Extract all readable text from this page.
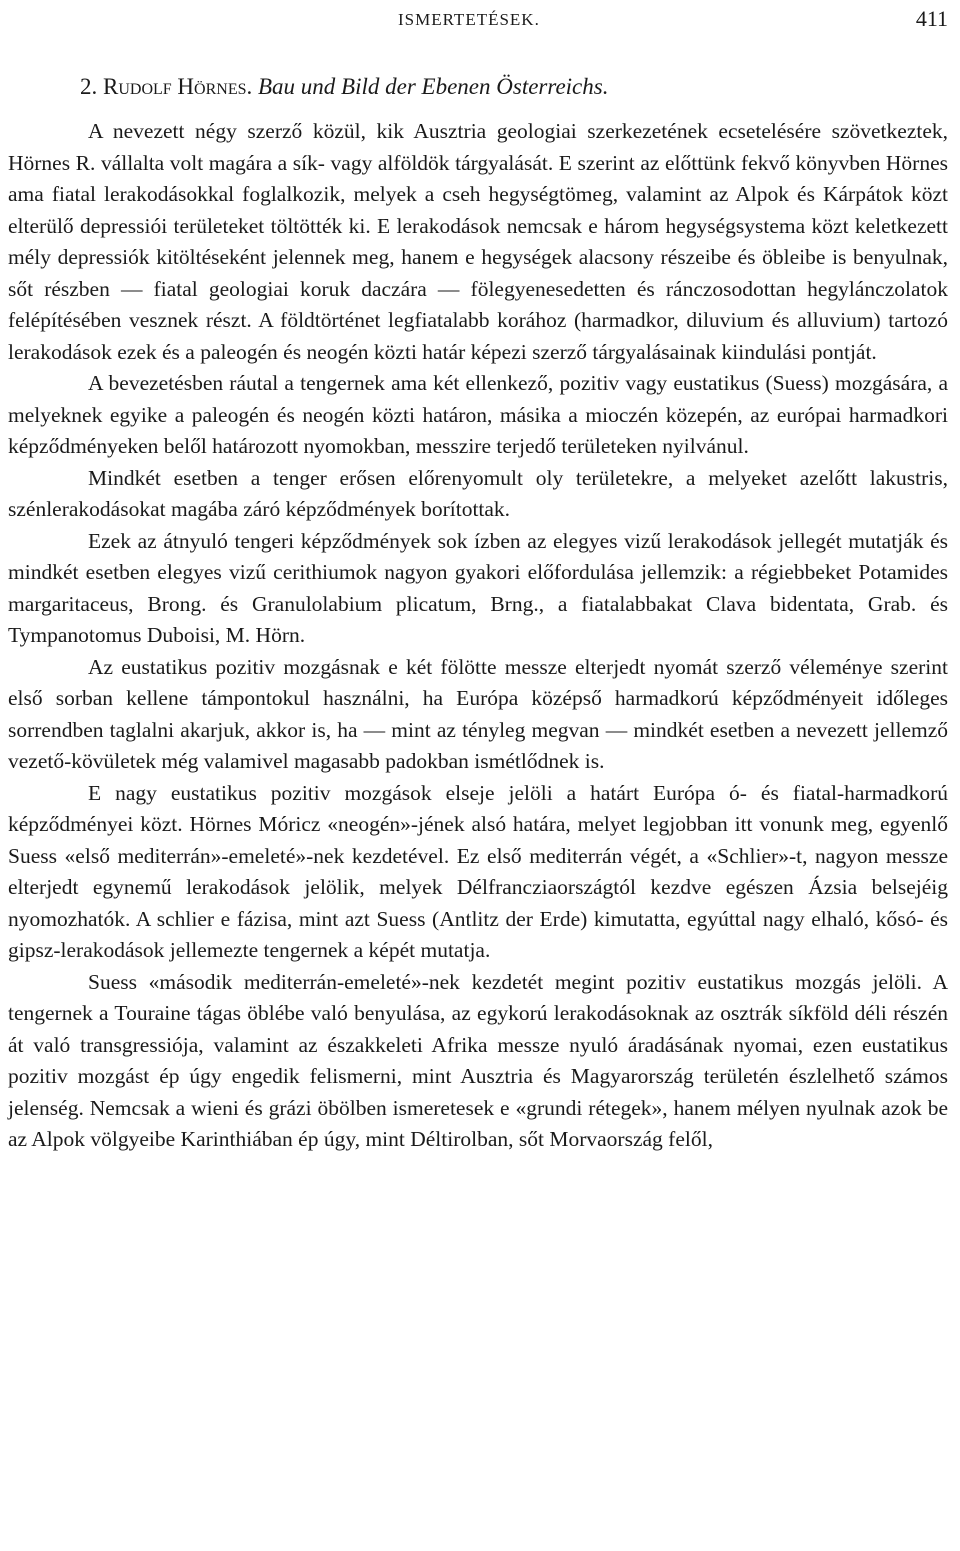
ISMERTETÉSEK.	411
2. Rudolf Hörnes. Bau und Bild der Ebenen Österreichs.

A nevezett négy szerző közül, kik Ausztria geologiai szerkezetének ecsetelésére szövetkeztek, Hörnes R. vállalta volt magára a sík- vagy alföldök tárgyalását. E szerint az előttünk fekvő könyvben Hörnes ama fiatal lerakodásokkal foglalkozik, melyek a cseh hegységtömeg, valamint az Alpok és Kárpátok közt elterülő depressiói területeket töltötték ki. E lerakodások nemcsak e három hegységsystema közt keletkezett mély depressiók kitöltéseként jelennek meg, hanem e hegységek alacsony részeibe és öbleibe is benyulnak, sőt részben — fiatal geologiai koruk daczára — fölegyenesedetten és ránczosodottan hegylánczolatok felépítésében vesznek részt. A földtörténet legfiatalabb korához (harmadkor, diluvium és alluvium) tartozó lerakodások ezek és a paleogén és neogén közti határ képezi szerző tárgyalásainak kiindulási pontját.

A bevezetésben ráutal a tengernek ama két ellenkező, pozitiv vagy eustatikus (Suess) mozgására, a melyeknek egyike a paleogén és neogén közti határon, másika a mioczén közepén, az európai harmadkori képződményeken belől határozott nyomokban, messzire terjedő területeken nyilvánul.

Mindkét esetben a tenger erősen előrenyomult oly területekre, a melyeket azelőtt lakustris, szénlerakodásokat magába záró képződmények borítottak.

Ezek az átnyuló tengeri képződmények sok ízben az elegyes vizű lerakodások jellegét mutatják és mindkét esetben elegyes vizű cerithiumok nagyon gyakori előfordulása jellemzik: a régiebbeket Potamides margaritaceus, Brong. és Granulolabium plicatum, Brng., a fiatalabbakat Clava bidentata, Grab. és Tympanotomus Duboisi, M. Hörn.

Az eustatikus pozitiv mozgásnak e két fölötte messze elterjedt nyomát szerző véleménye szerint első sorban kellene támpontokul használni, ha Európa középső harmadkorú képződményeit időleges sorrendben taglalni akarjuk, akkor is, ha — mint az tényleg megvan — mindkét esetben a nevezett jellemző vezető-kövületek még valamivel magasabb padokban ismétlődnek is.

E nagy eustatikus pozitiv mozgások elseje jelöli a határt Európa ó- és fiatal-harmadkorú képződményei közt. Hörnes Móricz «neogén»-jének alsó határa, melyet legjobban itt vonunk meg, egyenlő Suess «első mediterrán»-emeleté»-nek kezdetével. Ez első mediterrán végét, a «Schlier»-t, nagyon messze elterjedt egynemű lerakodások jelölik, melyek Délfrancziaországtól kezdve egészen Ázsia belsejéig nyomozhatók. A schlier e fázisa, mint azt Suess (Antlitz der Erde) kimutatta, egyúttal nagy elhaló, kősó- és gipsz-lerakodások jellemezte tengernek a képét mutatja.

Suess «második mediterrán-emeleté»-nek kezdetét megint pozitiv eustatikus mozgás jelöli. A tengernek a Touraine tágas öblébe való benyulása, az egykorú lerakodásoknak az osztrák síkföld déli részén át való transgressiója, valamint az északkeleti Afrika messze nyuló áradásának nyomai, ezen eustatikus pozitiv mozgást ép úgy engedik felismerni, mint Ausztria és Magyarország területén észlelhető számos jelenség. Nemcsak a wieni és grázi öbölben ismeretesek e «grundi rétegek», hanem mélyen nyulnak azok be az Alpok völgyeibe Karinthiában ép úgy, mint Déltirolban, sőt Morvaország felől,
